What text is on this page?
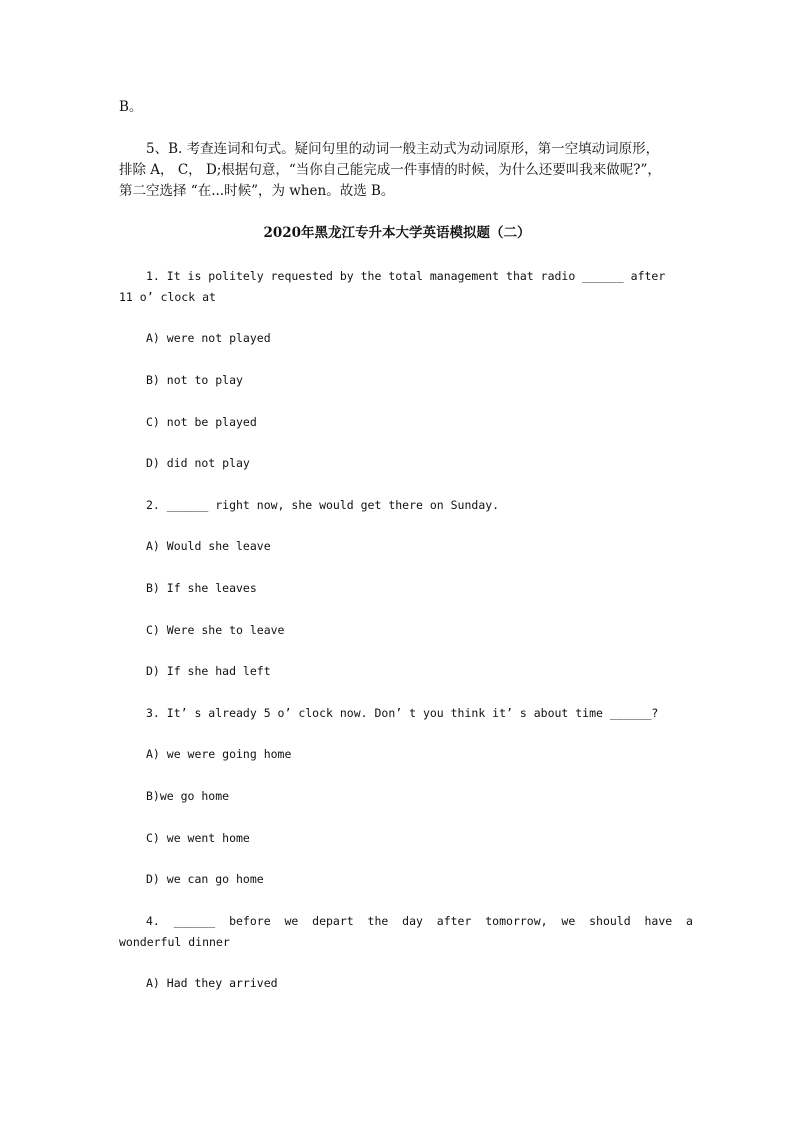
B。
5、B. 考查连词和句式。疑问句里的动词一般主动式为动词原形，第一空填动词原形，
排除 A， C， D;根据句意，“当你自己能完成一件事情的时候，为什么还要叫我来做呢?”，
第二空选择 “在...时候”，为 when。故选 B。
2020年黑龙江专升本大学英语模拟题（二）
1. It is politely requested by the total management that radio ______ after
11 o’ clock at
A) were not played
B) not to play
C) not be played
D) did not play
2. ______ right now, she would get there on Sunday.
A) Would she leave
B) If she leaves
C) Were she to leave
D) If she had left
3. It’ s already 5 o’ clock now. Don’ t you think it’ s about time ______?
A) we were going home
B)we go home
C) we went home
D) we can go home
4.  ______  before  we  depart  the  day  after  tomorrow,  we  should  have  a
wonderful dinner
A) Had they arrived
